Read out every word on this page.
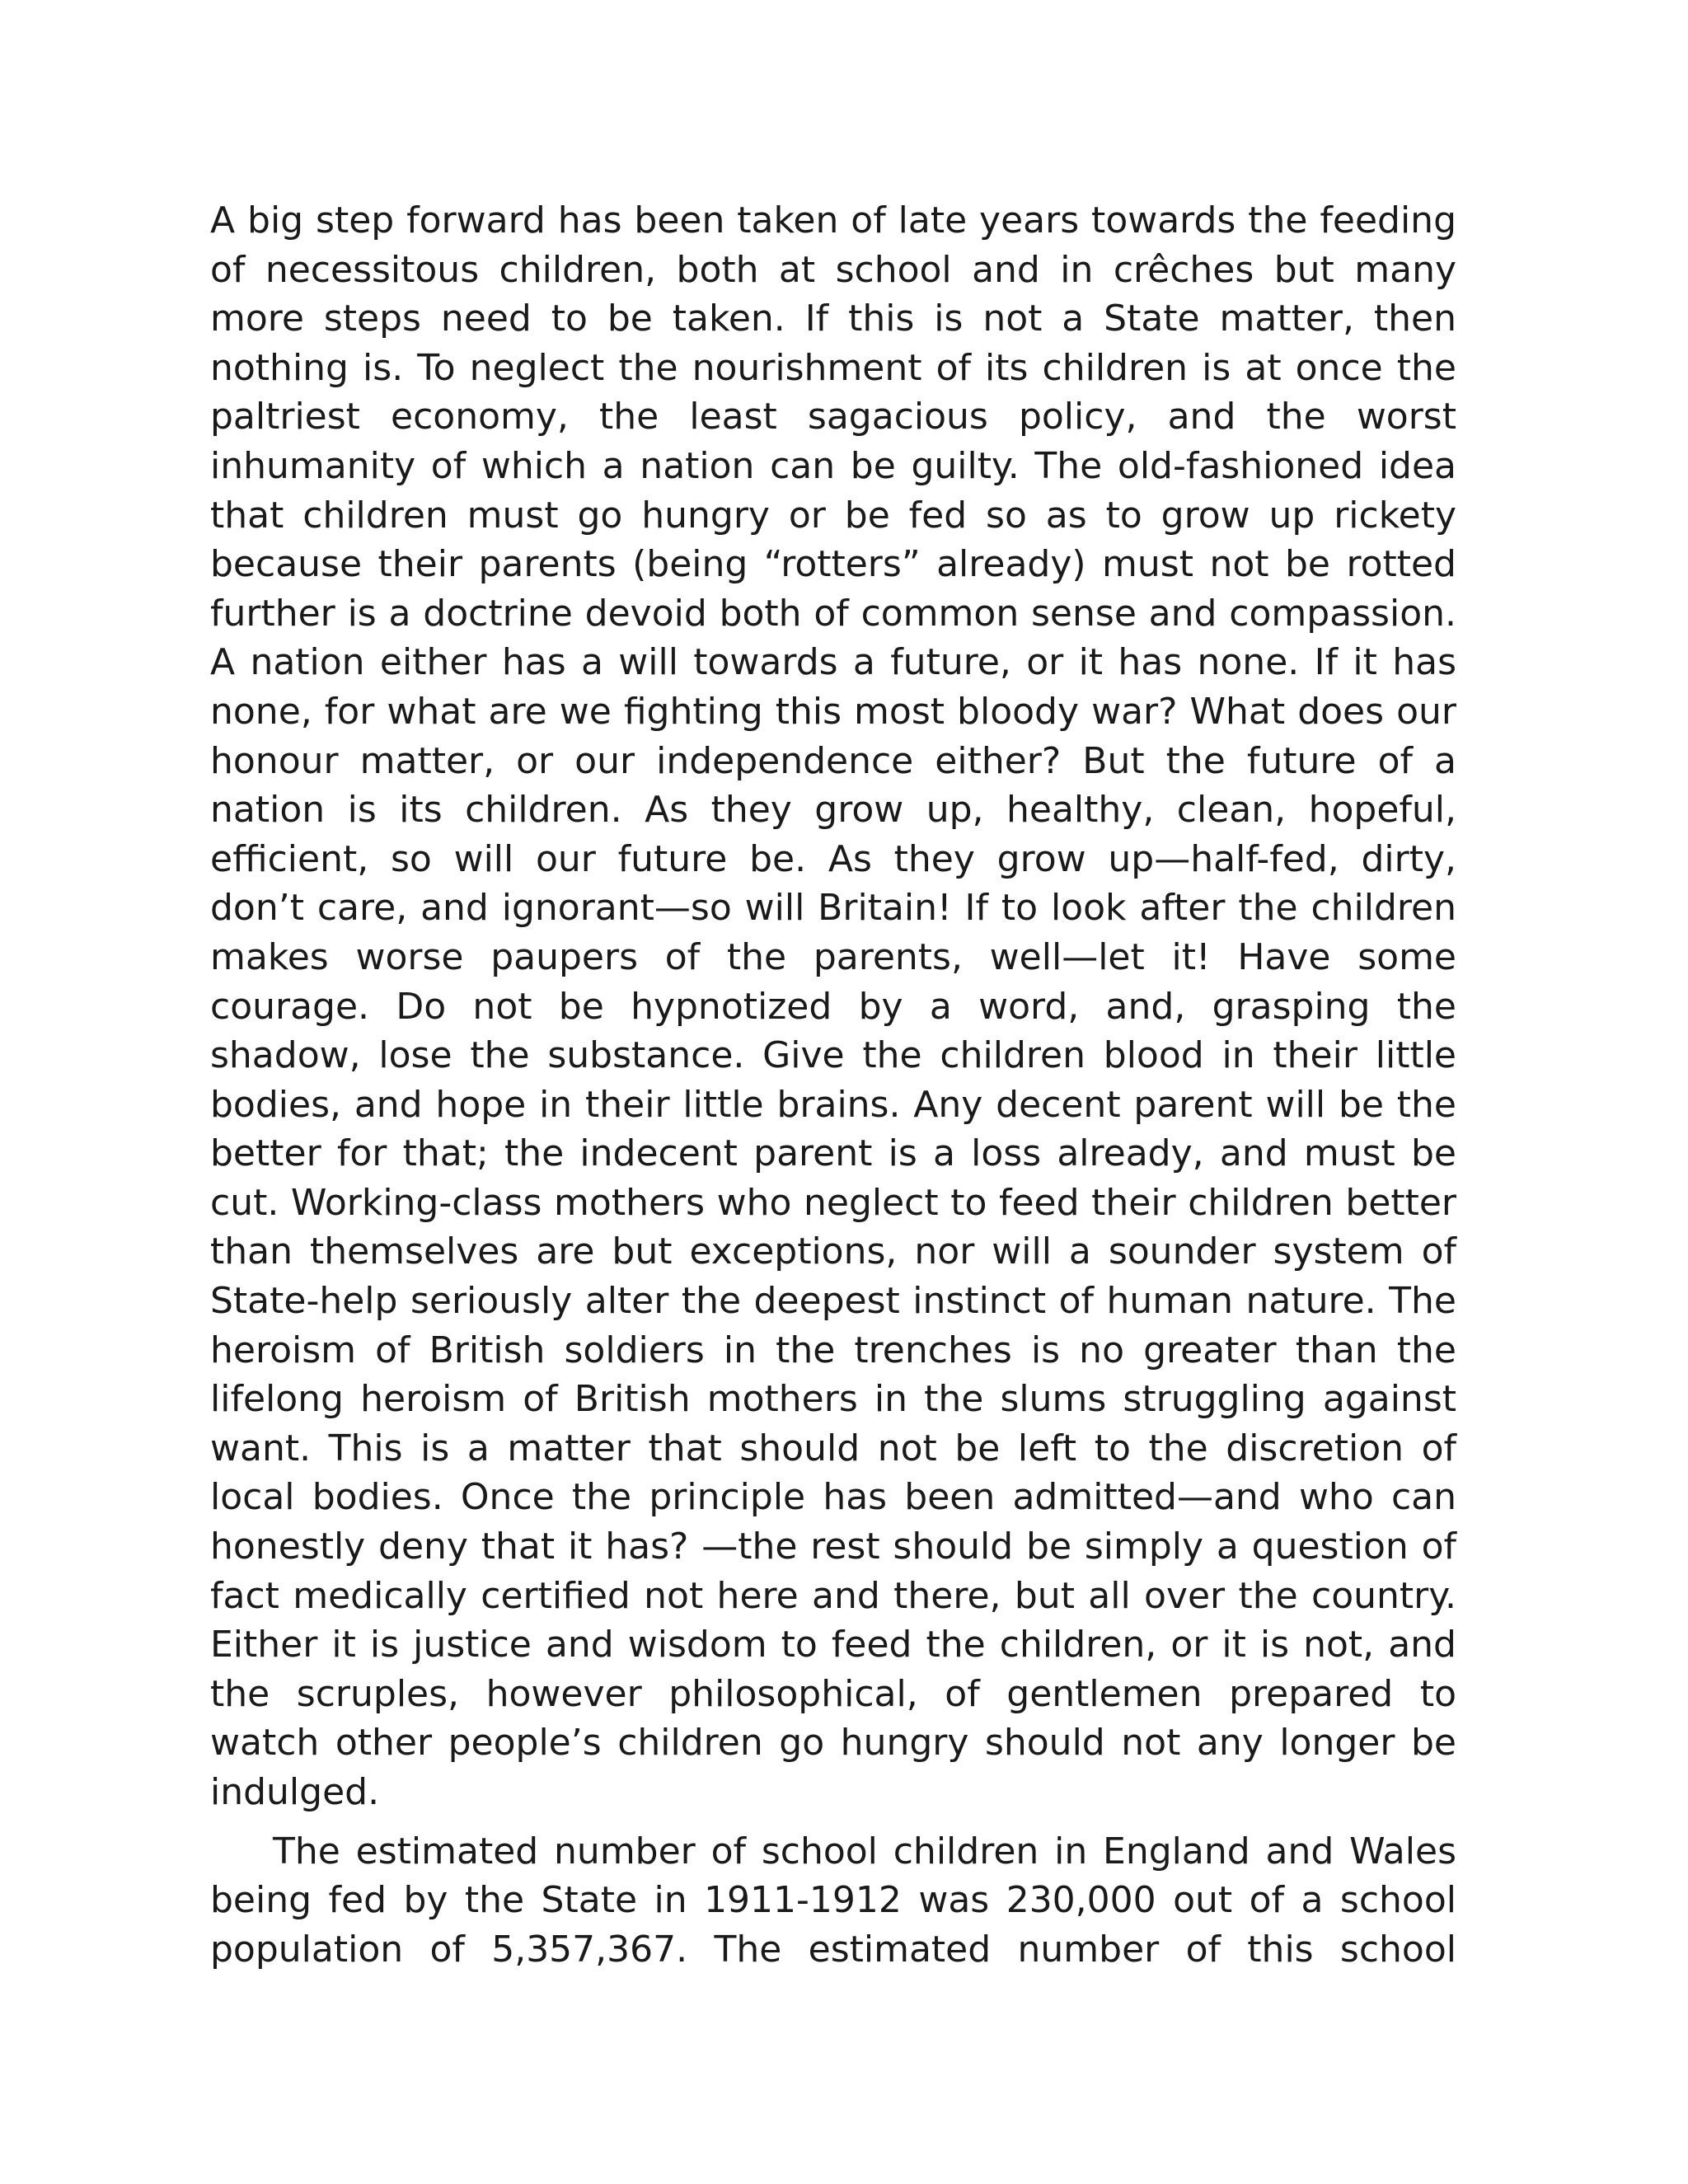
A big step forward has been taken of late years towards the feeding of necessitous children, both at school and in crêches but many more steps need to be taken. If this is not a State matter, then nothing is. To neglect the nourishment of its children is at once the paltriest economy, the least sagacious policy, and the worst inhumanity of which a nation can be guilty. The old-fashioned idea that children must go hungry or be fed so as to grow up rickety because their parents (being “rotters” already) must not be rotted further is a doctrine devoid both of common sense and compassion. A nation either has a will towards a future, or it has none. If it has none, for what are we fighting this most bloody war? What does our honour matter, or our independence either? But the future of a nation is its children. As they grow up, healthy, clean, hopeful, efficient, so will our future be. As they grow up—half-fed, dirty, don’t care, and ignorant—so will Britain! If to look after the children makes worse paupers of the parents, well—let it! Have some courage. Do not be hypnotized by a word, and, grasping the shadow, lose the substance. Give the children blood in their little bodies, and hope in their little brains. Any decent parent will be the better for that; the indecent parent is a loss already, and must be cut. Working-class mothers who neglect to feed their children better than themselves are but exceptions, nor will a sounder system of State-help seriously alter the deepest instinct of human nature. The heroism of British soldiers in the trenches is no greater than the lifelong heroism of British mothers in the slums struggling against want. This is a matter that should not be left to the discretion of local bodies. Once the principle has been admitted—and who can honestly deny that it has? —the rest should be simply a question of fact medically certified not here and there, but all over the country. Either it is justice and wisdom to feed the children, or it is not, and the scruples, however philosophical, of gentlemen prepared to watch other people’s children go hungry should not any longer be indulged.

The estimated number of school children in England and Wales being fed by the State in 1911-1912 was 230,000 out of a school population of 5,357,367. The estimated number of this school
